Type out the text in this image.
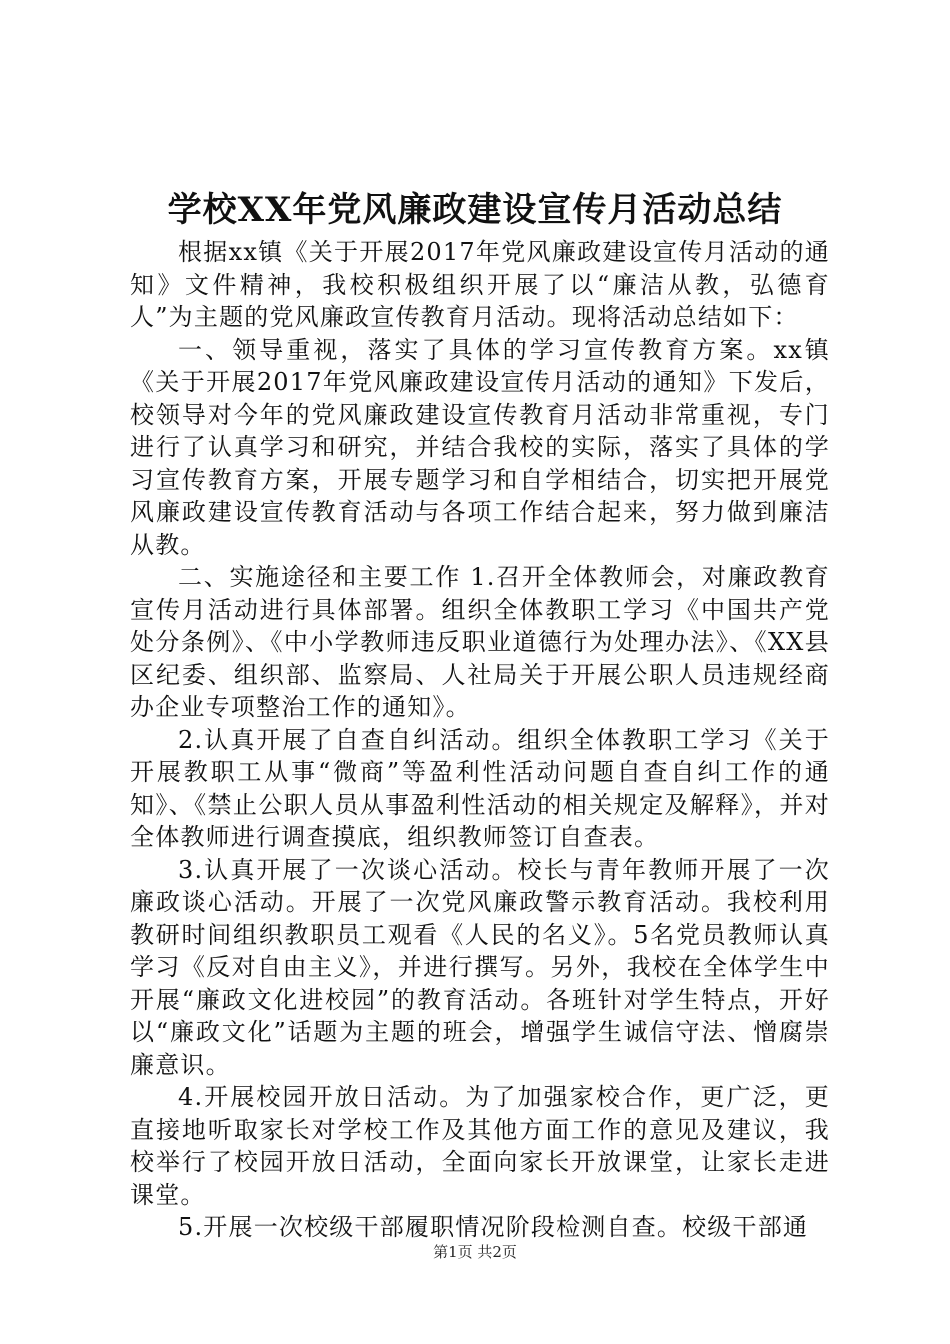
学校XX年党风廉政建设宣传月活动总结

根据xx镇《关于开展2017年党风廉政建设宣传月活动的通知》文件精神，我校积极组织开展了以“廉洁从教，弘德育人”为主题的党风廉政宣传教育月活动。现将活动总结如下：

一、领导重视，落实了具体的学习宣传教育方案。xx镇《关于开展2017年党风廉政建设宣传月活动的通知》下发后，校领导对今年的党风廉政建设宣传教育月活动非常重视，专门进行了认真学习和研究，并结合我校的实际，落实了具体的学习宣传教育方案，开展专题学习和自学相结合，切实把开展党风廉政建设宣传教育活动与各项工作结合起来，努力做到廉洁从教。

二、实施途径和主要工作 1.召开全体教师会，对廉政教育宣传月活动进行具体部署。组织全体教职工学习《中国共产党处分条例》、《中小学教师违反职业道德行为处理办法》、《XX县区纪委、组织部、监察局、人社局关于开展公职人员违规经商办企业专项整治工作的通知》。

2.认真开展了自查自纠活动。组织全体教职工学习《关于开展教职工从事“微商”等盈利性活动问题自查自纠工作的通知》、《禁止公职人员从事盈利性活动的相关规定及解释》，并对全体教师进行调查摸底，组织教师签订自查表。

3.认真开展了一次谈心活动。校长与青年教师开展了一次廉政谈心活动。开展了一次党风廉政警示教育活动。我校利用教研时间组织教职员工观看《人民的名义》。5名党员教师认真学习《反对自由主义》，并进行撰写。另外，我校在全体学生中开展“廉政文化进校园”的教育活动。各班针对学生特点，开好以“廉政文化”话题为主题的班会，增强学生诚信守法、憎腐崇廉意识。

4.开展校园开放日活动。为了加强家校合作，更广泛，更直接地听取家长对学校工作及其他方面工作的意见及建议，我校举行了校园开放日活动，全面向家长开放课堂，让家长走进课堂。

5.开展一次校级干部履职情况阶段检测自查。校级干部通

第1页 共2页
